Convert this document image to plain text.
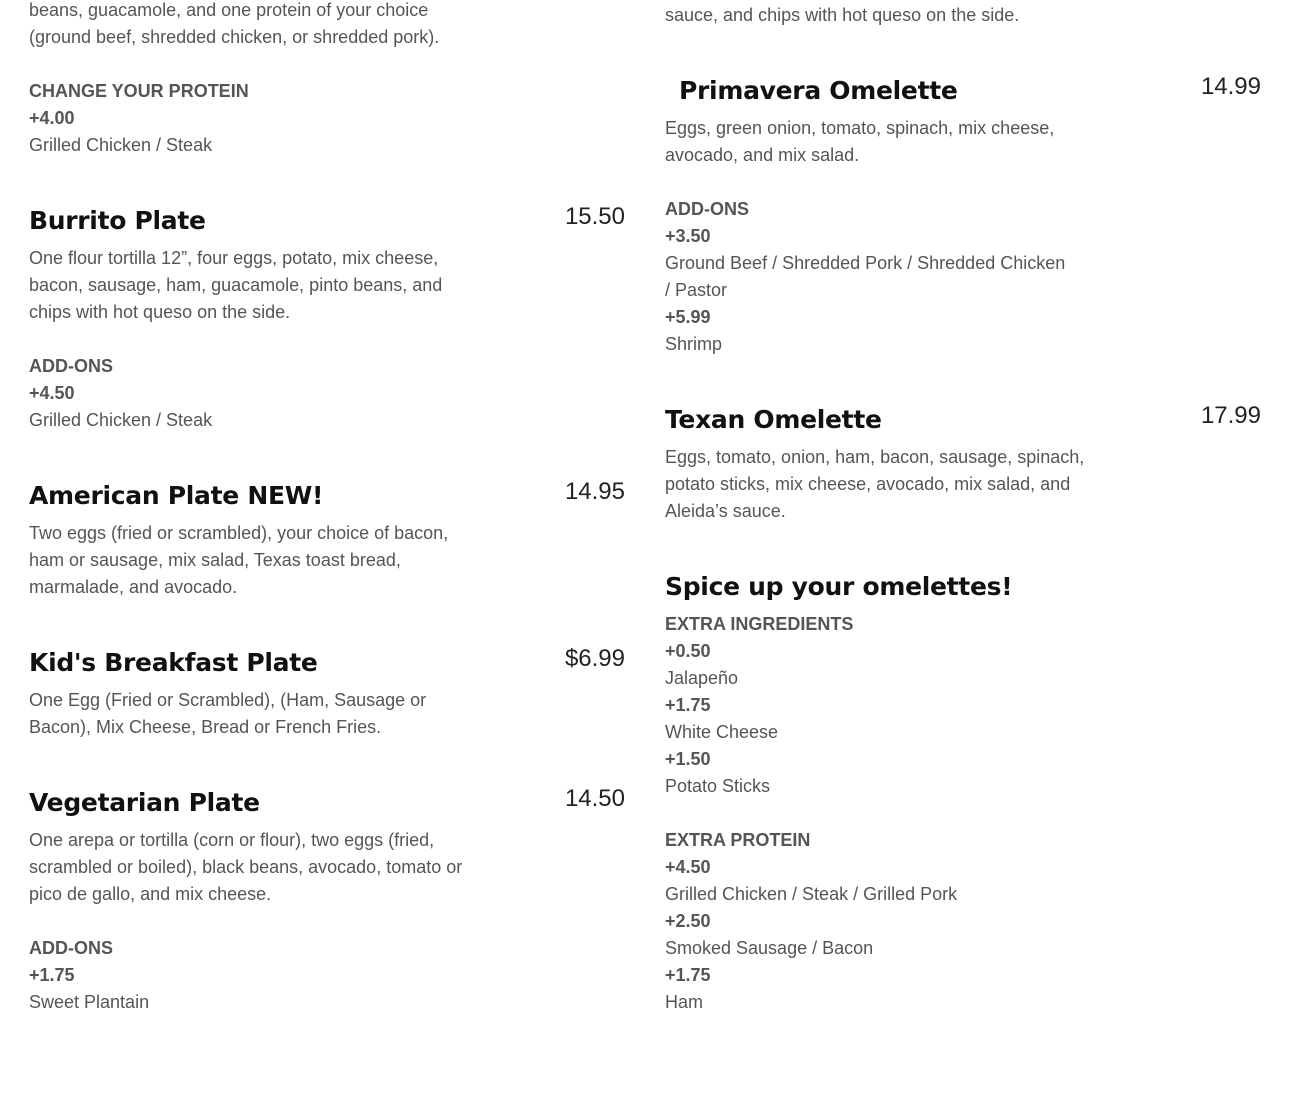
beans, guacamole, and one protein of your choice

(ground beef, shredded chicken, or shredded pork).

CHANGE YOUR PROTEIN

+4.00

Grilled Chicken / Steak

Burrito Plate	15.50

One flour tortilla 12”, four eggs, potato, mix cheese,

bacon, sausage, ham, guacamole, pinto beans, and

chips with hot queso on the side.

ADD-ONS

+4.50

Grilled Chicken / Steak

American Plate NEW!	14.95

Two eggs (fried or scrambled), your choice of bacon,

ham or sausage, mix salad, Texas toast bread,

marmalade, and avocado.

Kid's Breakfast Plate	$6.99

One Egg (Fried or Scrambled), (Ham, Sausage or

Bacon), Mix Cheese, Bread or French Fries.

Vegetarian Plate	14.50

One arepa or tortilla (corn or flour), two eggs (fried,

scrambled or boiled), black beans, avocado, tomato or

pico de gallo, and mix cheese.

ADD-ONS

+1.75

Sweet Plantain

sauce, and chips with hot queso on the side.

Primavera Omelette	14.99

Eggs, green onion, tomato, spinach, mix cheese,

avocado, and mix salad.

ADD-ONS

+3.50

Ground Beef / Shredded Pork / Shredded Chicken

/ Pastor

+5.99

Shrimp

Texan Omelette	17.99

Eggs, tomato, onion, ham, bacon, sausage, spinach,

potato sticks, mix cheese, avocado, mix salad, and

Aleida’s sauce.

Spice up your omelettes!

EXTRA INGREDIENTS

+0.50

Jalapeño

+1.75

White Cheese

+1.50

Potato Sticks

EXTRA PROTEIN

+4.50

Grilled Chicken / Steak / Grilled Pork

+2.50

Smoked Sausage / Bacon

+1.75

Ham
